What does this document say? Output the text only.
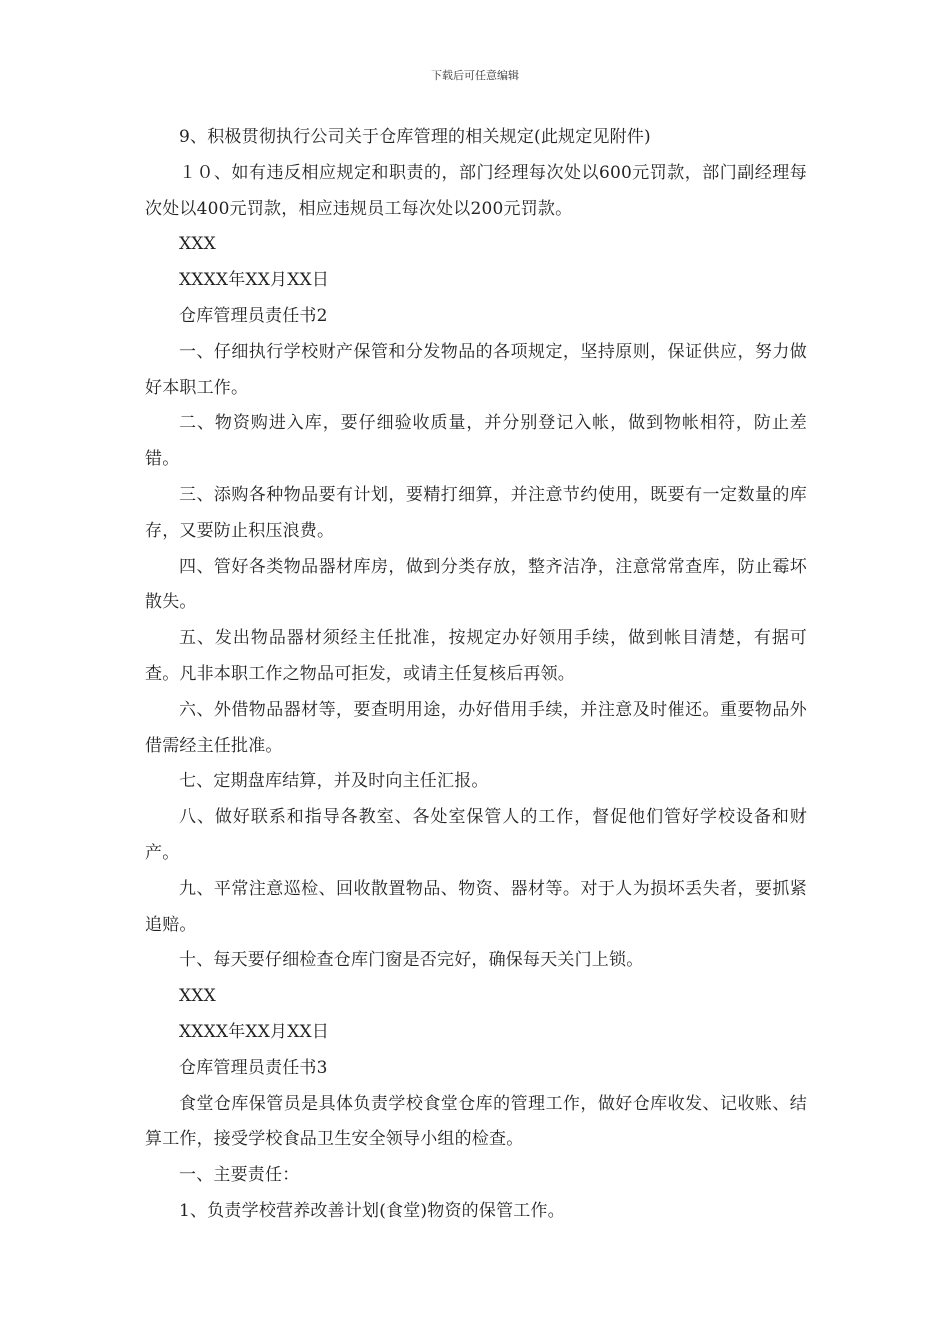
下载后可任意编辑

9、积极贯彻执行公司关于仓库管理的相关规定(此规定见附件)

１０、如有违反相应规定和职责的，部门经理每次处以600元罚款，部门副经理每次处以400元罚款，相应违规员工每次处以200元罚款。

XXX

XXXX年XX月XX日

仓库管理员责任书2

一、仔细执行学校财产保管和分发物品的各项规定，坚持原则，保证供应，努力做好本职工作。

二、物资购进入库，要仔细验收质量，并分别登记入帐，做到物帐相符，防止差错。

三、添购各种物品要有计划，要精打细算，并注意节约使用，既要有一定数量的库存，又要防止积压浪费。

四、管好各类物品器材库房，做到分类存放，整齐洁净，注意常常查库，防止霉坏散失。

五、发出物品器材须经主任批准，按规定办好领用手续，做到帐目清楚，有据可查。凡非本职工作之物品可拒发，或请主任复核后再领。

六、外借物品器材等，要查明用途，办好借用手续，并注意及时催还。重要物品外借需经主任批准。

七、定期盘库结算，并及时向主任汇报。

八、做好联系和指导各教室、各处室保管人的工作，督促他们管好学校设备和财产。

九、平常注意巡检、回收散置物品、物资、器材等。对于人为损坏丢失者，要抓紧追赔。

十、每天要仔细检查仓库门窗是否完好，确保每天关门上锁。

XXX

XXXX年XX月XX日

仓库管理员责任书3

食堂仓库保管员是具体负责学校食堂仓库的管理工作，做好仓库收发、记收账、结算工作，接受学校食品卫生安全领导小组的检查。

一、主要责任：

1、负责学校营养改善计划(食堂)物资的保管工作。
